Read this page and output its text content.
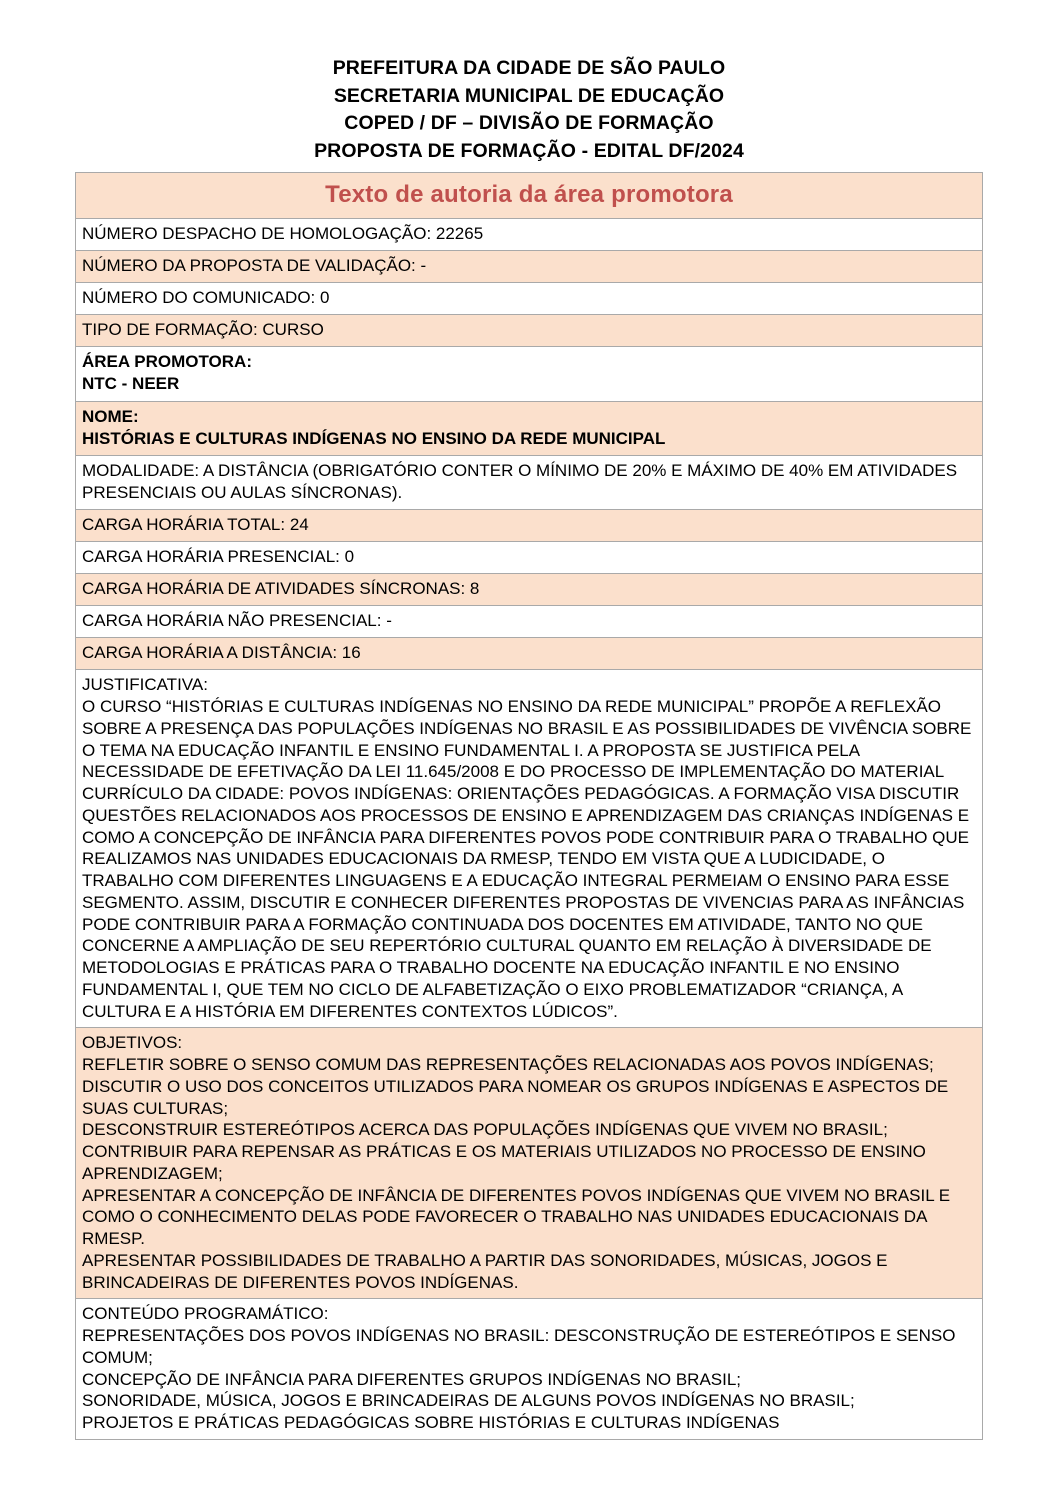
PREFEITURA DA CIDADE DE SÃO PAULO
SECRETARIA MUNICIPAL DE EDUCAÇÃO
COPED / DF – DIVISÃO DE FORMAÇÃO
PROPOSTA DE FORMAÇÃO - EDITAL DF/2024
Texto de autoria da área promotora
NÚMERO DESPACHO DE HOMOLOGAÇÃO: 22265
NÚMERO DA PROPOSTA DE VALIDAÇÃO: -
NÚMERO DO COMUNICADO: 0
TIPO DE FORMAÇÃO: CURSO

ÁREA PROMOTORA:
NTC - NEER

NOME:
HISTÓRIAS E CULTURAS INDÍGENAS NO ENSINO DA REDE MUNICIPAL

MODALIDADE: A DISTÂNCIA (OBRIGATÓRIO CONTER O MÍNIMO DE 20% E MÁXIMO DE 40% EM ATIVIDADES PRESENCIAIS OU AULAS SÍNCRONAS).
CARGA HORÁRIA TOTAL: 24
CARGA HORÁRIA PRESENCIAL: 0
CARGA HORÁRIA DE ATIVIDADES SÍNCRONAS: 8
CARGA HORÁRIA NÃO PRESENCIAL: -
CARGA HORÁRIA A DISTÂNCIA: 16

JUSTIFICATIVA:
O CURSO “HISTÓRIAS E CULTURAS INDÍGENAS NO ENSINO DA REDE MUNICIPAL” PROPÕE A REFLEXÃO SOBRE A PRESENÇA DAS POPULAÇÕES INDÍGENAS NO BRASIL E AS POSSIBILIDADES DE VIVÊNCIA SOBRE O TEMA NA EDUCAÇÃO INFANTIL E ENSINO FUNDAMENTAL I. A PROPOSTA SE JUSTIFICA PELA NECESSIDADE DE EFETIVAÇÃO DA LEI 11.645/2008 E DO PROCESSO DE IMPLEMENTAÇÃO DO MATERIAL CURRÍCULO DA CIDADE: POVOS INDÍGENAS: ORIENTAÇÕES PEDAGÓGICAS. A FORMAÇÃO VISA DISCUTIR QUESTÕES RELACIONADOS AOS PROCESSOS DE ENSINO E APRENDIZAGEM DAS CRIANÇAS INDÍGENAS E COMO A CONCEPÇÃO DE INFÂNCIA PARA DIFERENTES POVOS PODE CONTRIBUIR PARA O TRABALHO QUE REALIZAMOS NAS UNIDADES EDUCACIONAIS DA RMESP, TENDO EM VISTA QUE A LUDICIDADE, O TRABALHO COM DIFERENTES LINGUAGENS E A EDUCAÇÃO INTEGRAL PERMEIAM O ENSINO PARA ESSE SEGMENTO. ASSIM, DISCUTIR E CONHECER DIFERENTES PROPOSTAS DE VIVENCIAS PARA AS INFÂNCIAS PODE CONTRIBUIR PARA A FORMAÇÃO CONTINUADA DOS DOCENTES EM ATIVIDADE, TANTO NO QUE CONCERNE A AMPLIAÇÃO DE SEU REPERTÓRIO CULTURAL QUANTO EM RELAÇÃO À DIVERSIDADE DE METODOLOGIAS E PRÁTICAS PARA O TRABALHO DOCENTE NA EDUCAÇÃO INFANTIL E NO ENSINO FUNDAMENTAL I, QUE TEM NO CICLO DE ALFABETIZAÇÃO O EIXO PROBLEMATIZADOR “CRIANÇA, A CULTURA E A HISTÓRIA EM DIFERENTES CONTEXTOS LÚDICOS”.

OBJETIVOS:
REFLETIR SOBRE O SENSO COMUM DAS REPRESENTAÇÕES RELACIONADAS AOS POVOS INDÍGENAS;
DISCUTIR O USO DOS CONCEITOS UTILIZADOS PARA NOMEAR OS GRUPOS INDÍGENAS E ASPECTOS DE SUAS CULTURAS;
DESCONSTRUIR ESTEREÓTIPOS ACERCA DAS POPULAÇÕES INDÍGENAS QUE VIVEM NO BRASIL;
CONTRIBUIR PARA REPENSAR AS PRÁTICAS E OS MATERIAIS UTILIZADOS NO PROCESSO DE ENSINO APRENDIZAGEM;
APRESENTAR A CONCEPÇÃO DE INFÂNCIA DE DIFERENTES POVOS INDÍGENAS QUE VIVEM NO BRASIL E COMO O CONHECIMENTO DELAS PODE FAVORECER O TRABALHO NAS UNIDADES EDUCACIONAIS DA RMESP.
APRESENTAR POSSIBILIDADES DE TRABALHO A PARTIR DAS SONORIDADES, MÚSICAS, JOGOS E BRINCADEIRAS DE DIFERENTES POVOS INDÍGENAS.

CONTEÚDO PROGRAMÁTICO:
REPRESENTAÇÕES DOS POVOS INDÍGENAS NO BRASIL: DESCONSTRUÇÃO DE ESTEREÓTIPOS E SENSO COMUM;
CONCEPÇÃO DE INFÂNCIA PARA DIFERENTES GRUPOS INDÍGENAS NO BRASIL;
SONORIDADE, MÚSICA, JOGOS E BRINCADEIRAS DE ALGUNS POVOS INDÍGENAS NO BRASIL;
PROJETOS E PRÁTICAS PEDAGÓGICAS SOBRE HISTÓRIAS E CULTURAS INDÍGENAS
